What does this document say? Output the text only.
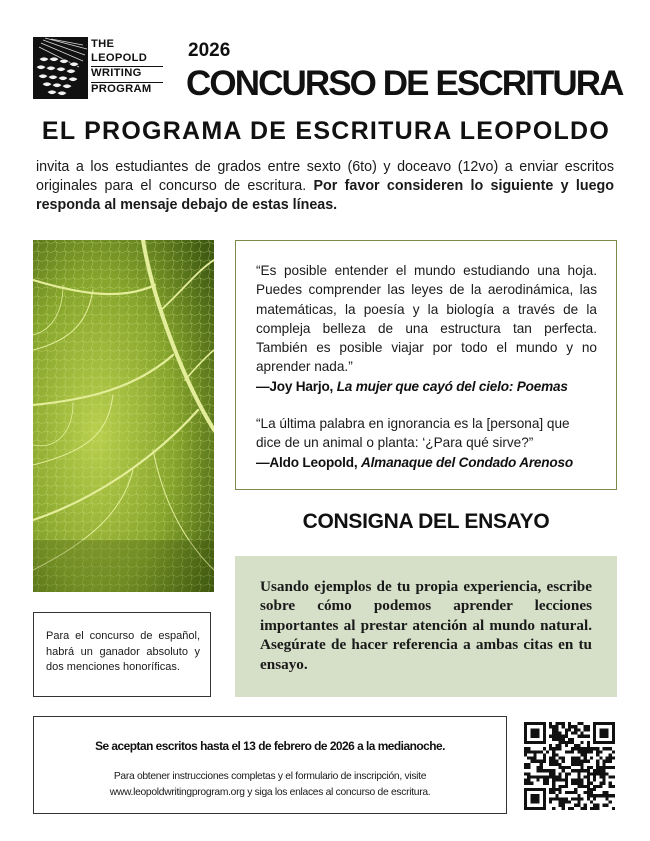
THE
LEOPOLD
WRITING
PROGRAM
2026
CONCURSO DE ESCRITURA
EL PROGRAMA DE ESCRITURA LEOPOLDO

invita a los estudiantes de grados entre sexto (6to) y doceavo (12vo) a enviar escritos originales para el concurso de escritura. Por favor consideren lo siguiente y luego responda al mensaje debajo de estas líneas.

“Es posible entender el mundo estudiando una hoja. Puedes comprender las leyes de la aerodinámica, las matemáticas, la poesía y la biología a través de la compleja belleza de una estructura tan perfecta. También es posible viajar por todo el mundo y no aprender nada.”

—Joy Harjo, La mujer que cayó del cielo: Poemas

“La última palabra en ignorancia es la [persona] que dice de un animal o planta: ‘¿Para qué sirve?”

—Aldo Leopold, Almanaque del Condado Arenoso

CONSIGNA DEL ENSAYO

Usando ejemplos de tu propia experiencia, escribe sobre cómo podemos aprender lecciones importantes al prestar atención al mundo natural. Asegúrate de hacer referencia a ambas citas en tu ensayo.

Para el concurso de español, habrá un ganador absoluto y dos menciones honoríficas.

Se aceptan escritos hasta el 13 de febrero de 2026 a la medianoche.
Para obtener instrucciones completas y el formulario de inscripción, visite
www.leopoldwritingprogram.org y siga los enlaces al concurso de escritura.
